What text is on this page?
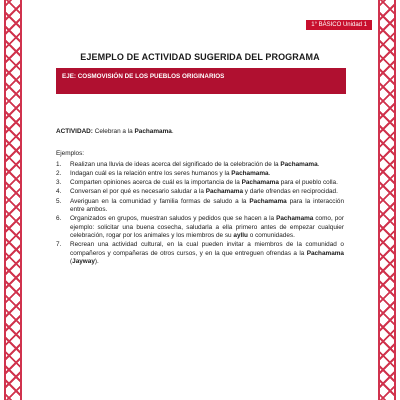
1° BÁSICO Unidad 1
EJEMPLO DE ACTIVIDAD SUGERIDA DEL PROGRAMA
EJE: COSMOVISIÓN DE LOS PUEBLOS ORIGINARIOS
ACTIVIDAD: Celebran a la Pachamama.
Ejemplos:
1.	Realizan una lluvia de ideas acerca del significado de la celebración de la Pachamama.
2.	Indagan cuál es la relación entre los seres humanos y la Pachamama.
3.	Comparten opiniones acerca de cuál es la importancia de la Pachamama para el pueblo colla.
4.	Conversan el por qué es necesario saludar a la Pachamama y darle ofrendas en reciprocidad.
5.	Averiguan en la comunidad y familia formas de saludo a la Pachamama para la interacción entre ambos.
6.	Organizados en grupos, muestran saludos y pedidos que se hacen a la Pachamama como, por ejemplo: solicitar una buena cosecha, saludarla a ella primero antes de empezar cualquier celebración, rogar por los animales y los miembros de su ayllu o comunidades.
7.	Recrean una actividad cultural, en la cual pueden invitar a miembros de la comunidad o compañeros y compañeras de otros cursos, y en la que entreguen ofrendas a la Pachamama (Jayway).
